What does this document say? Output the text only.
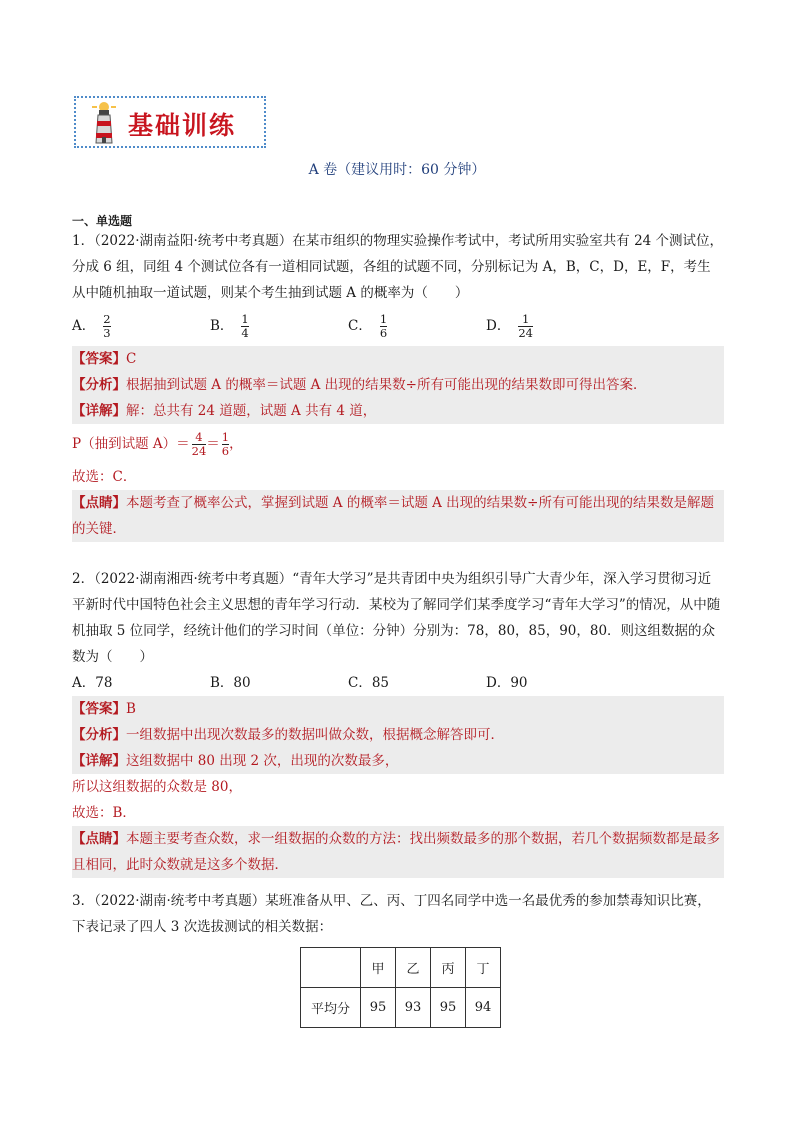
基础训练
A 卷（建议用时：60 分钟）
一、单选题
1．（2022·湖南益阳·统考中考真题）在某市组织的物理实验操作考试中，考试所用实验室共有 24 个测试位，分成 6 组，同组 4 个测试位各有一道相同试题，各组的试题不同，分别标记为 A，B，C，D，E，F，考生从中随机抽取一道试题，则某个考生抽到试题 A 的概率为（　　）
A． $\frac{2}{3}$	B． $\frac{1}{4}$	C． $\frac{1}{6}$	D． $\frac{1}{24}$
【答案】C
【分析】根据抽到试题 A 的概率＝试题 A 出现的结果数÷所有可能出现的结果数即可得出答案．
【详解】解：总共有 24 道题，试题 A 共有 4 道，
P（抽到试题 $A)= \frac{4}{24} = \frac{1}{6}$ ，
故选：C．
【点睛】本题考查了概率公式，掌握到试题 A 的概率＝试题 A 出现的结果数÷所有可能出现的结果数是解题的关键．
2．（2022·湖南湘西·统考中考真题）“青年大学习”是共青团中央为组织引导广大青少年，深入学习贯彻习近平新时代中国特色社会主义思想的青年学习行动．某校为了解同学们某季度学习“青年大学习”的情况，从中随机抽取 5 位同学，经统计他们的学习时间（单位：分钟）分别为：78，80，85，90，80．则这组数据的众数为（　　）
A．78	B．80	C．85	D．90
【答案】B
【分析】一组数据中出现次数最多的数据叫做众数，根据概念解答即可．
【详解】这组数据中 80 出现 2 次，出现的次数最多，
所以这组数据的众数是 80，
故选：B．
【点睛】本题主要考查众数，求一组数据的众数的方法：找出频数最多的那个数据，若几个数据频数都是最多且相同，此时众数就是这多个数据．
3．（2022·湖南·统考中考真题）某班准备从甲、乙、丙、丁四名同学中选一名最优秀的参加禁毒知识比赛，下表记录了四人 3 次选拔测试的相关数据：
	甲	乙	丙	丁
平均分	95	93	95	94
